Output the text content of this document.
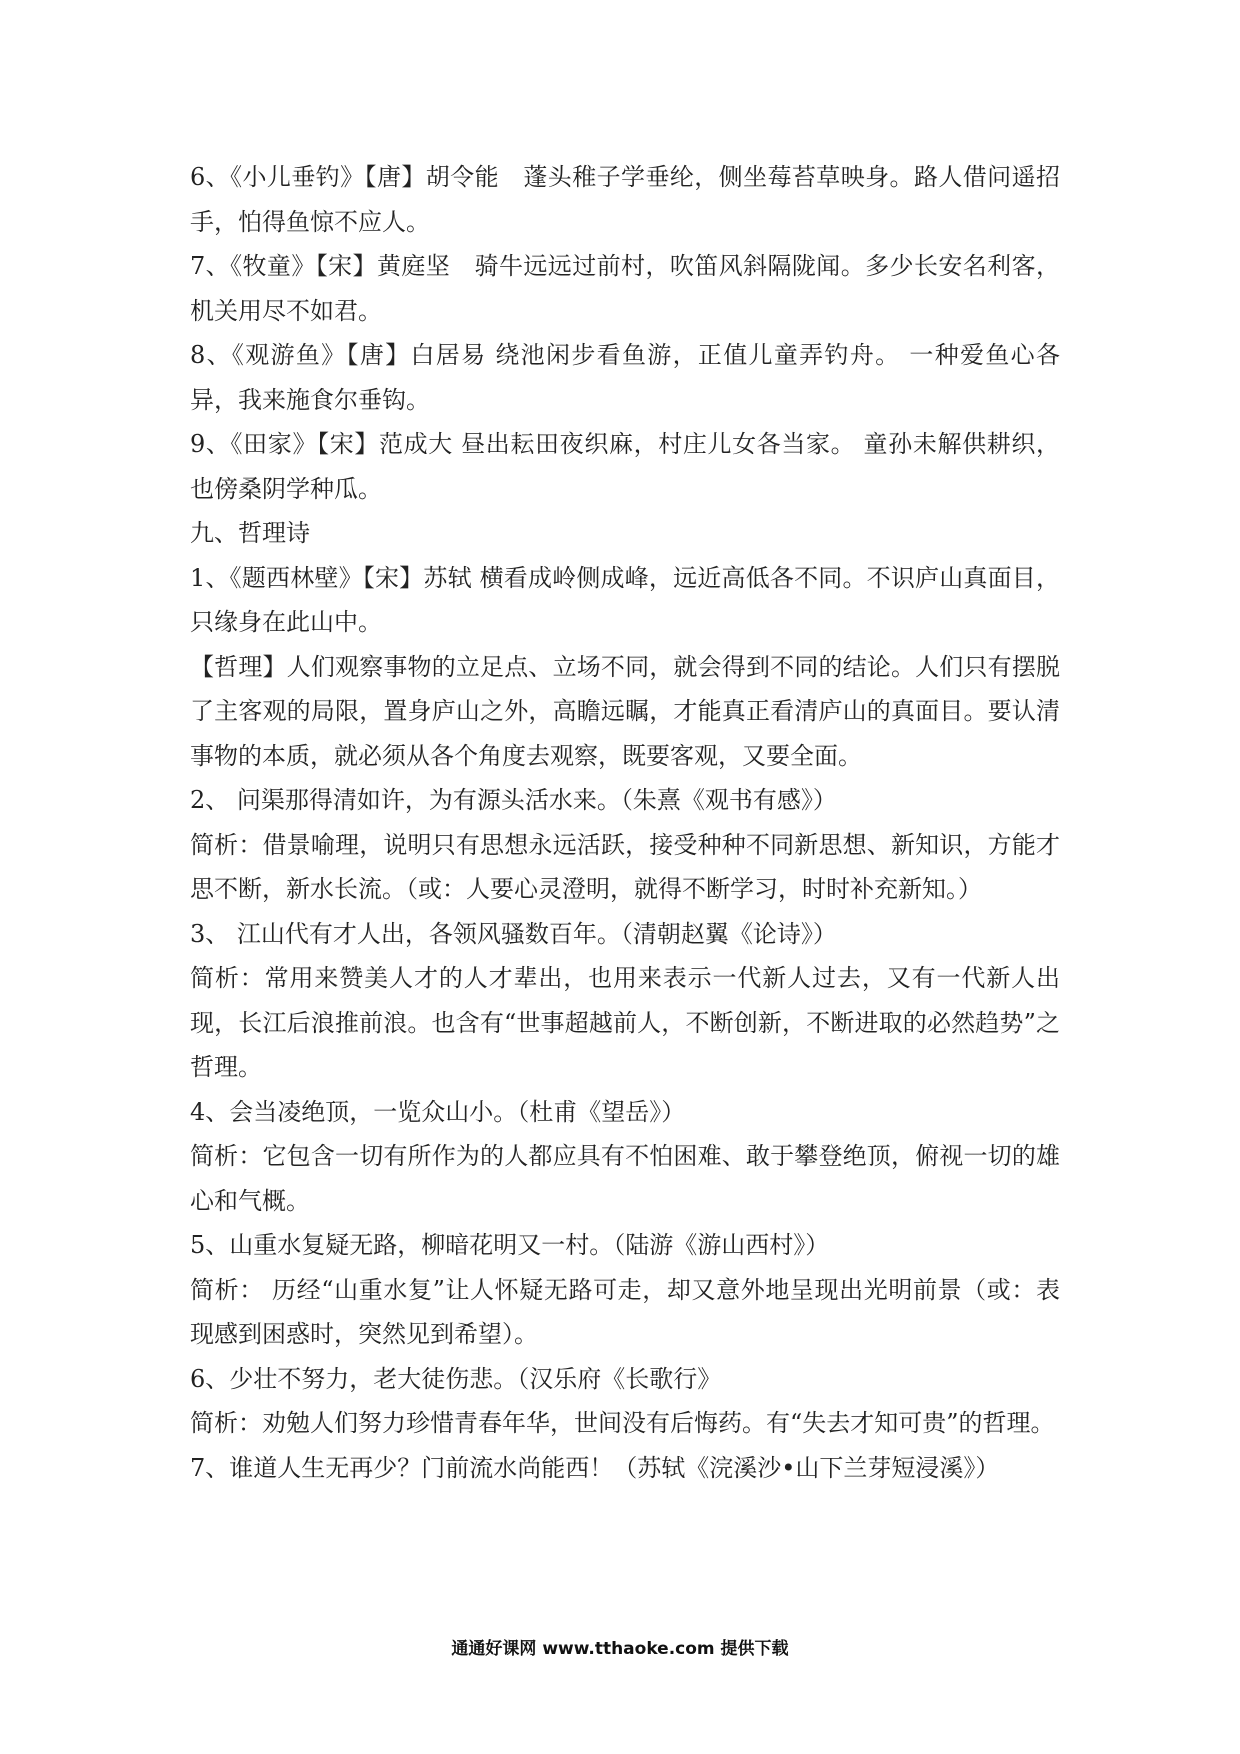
6、《小儿垂钓》【唐】胡令能　蓬头稚子学垂纶，侧坐莓苔草映身。路人借问遥招手，怕得鱼惊不应人。

7、《牧童》【宋】黄庭坚　骑牛远远过前村，吹笛风斜隔陇闻。多少长安名利客，机关用尽不如君。

8、《观游鱼》【唐】白居易 绕池闲步看鱼游，正值儿童弄钓舟。 一种爱鱼心各异，我来施食尔垂钩。

9、《田家》【宋】范成大 昼出耘田夜织麻，村庄儿女各当家。 童孙未解供耕织，也傍桑阴学种瓜。

九、哲理诗

1、《题西林壁》【宋】苏轼 横看成岭侧成峰，远近高低各不同。不识庐山真面目，只缘身在此山中。

【哲理】人们观察事物的立足点、立场不同，就会得到不同的结论。人们只有摆脱了主客观的局限，置身庐山之外，高瞻远瞩，才能真正看清庐山的真面目。要认清事物的本质，就必须从各个角度去观察，既要客观，又要全面。

2、 问渠那得清如许，为有源头活水来。（朱熹《观书有感》）

简析：借景喻理，说明只有思想永远活跃，接受种种不同新思想、新知识，方能才思不断，新水长流。（或：人要心灵澄明，就得不断学习，时时补充新知。）

3、 江山代有才人出，各领风骚数百年。（清朝赵翼《论诗》）

简析：常用来赞美人才的人才辈出，也用来表示一代新人过去，又有一代新人出现，长江后浪推前浪。也含有“世事超越前人，不断创新，不断进取的必然趋势”之哲理。

4、会当凌绝顶，一览众山小。（杜甫《望岳》）

简析：它包含一切有所作为的人都应具有不怕困难、敢于攀登绝顶，俯视一切的雄心和气概。

5、山重水复疑无路，柳暗花明又一村。（陆游《游山西村》）

简析： 历经“山重水复”让人怀疑无路可走，却又意外地呈现出光明前景（或：表现感到困惑时，突然见到希望）。

6、少壮不努力，老大徒伤悲。（汉乐府《长歌行》

简析：劝勉人们努力珍惜青春年华，世间没有后悔药。有“失去才知可贵”的哲理。

7、谁道人生无再少？门前流水尚能西！（苏轼《浣溪沙•山下兰芽短浸溪》）

通通好课网 www.tthaoke.com 提供下载
